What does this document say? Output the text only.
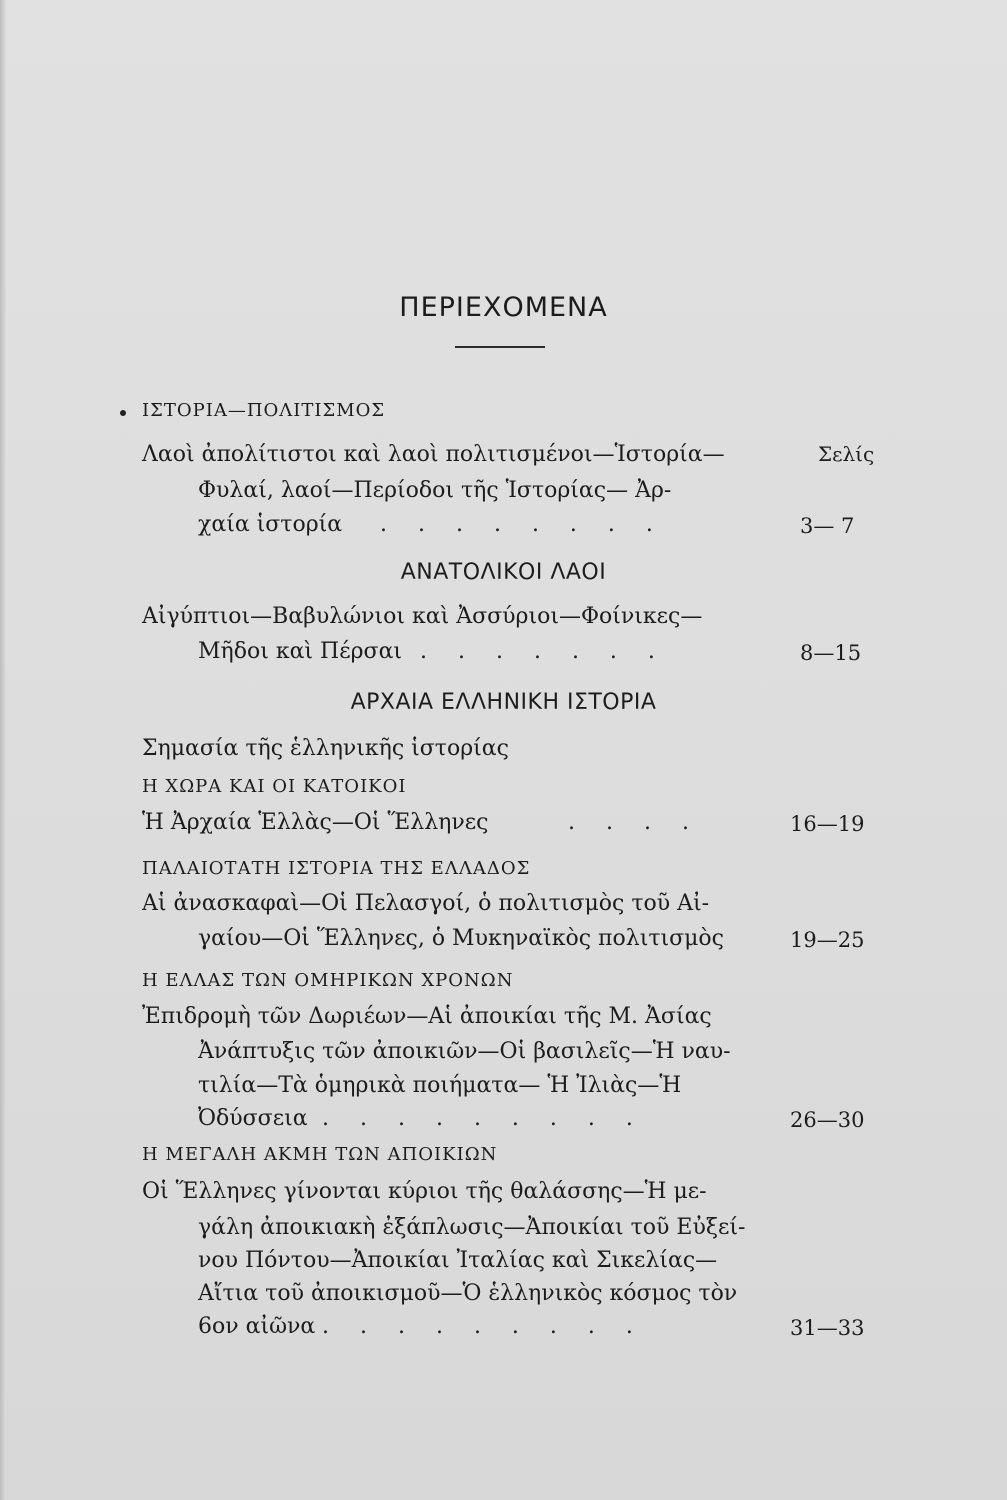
ΠΕΡΙΕΧΟΜΕΝΑ
ΙΣΤΟΡΙΑ—ΠΟΛΙΤΙΣΜΟΣ
Λαοὶ ἀπολίτιστοι καὶ λαοὶ πολιτισμένοι—Ἱστορία—	Σελίς
Φυλαί, λαοί—Περίοδοι τῆς Ἱστορίας— Ἀρ-
χαία ἱστορία . . . . . . . .	3— 7
ΑΝΑΤΟΛΙΚΟΙ ΛΑΟΙ
Αἰγύπτιοι—Βαβυλώνιοι καὶ Ἀσσύριοι—Φοίνικες—
Μῆδοι καὶ Πέρσαι . . . . . . .	8—15
ΑΡΧΑΙΑ ΕΛΛΗΝΙΚΗ ΙΣΤΟΡΙΑ
Σημασία τῆς ἑλληνικῆς ἱστορίας
Η ΧΩΡΑ ΚΑΙ ΟΙ ΚΑΤΟΙΚΟΙ
Ἡ Ἀρχαία Ἑλλὰς—Οἱ Ἕλληνες	. . . .	16—19
ΠΑΛΑΙΟΤΑΤΗ ΙΣΤΟΡΙΑ ΤΗΣ ΕΛΛΑΔΟΣ
Αἱ ἀνασκαφαὶ—Οἱ Πελασγοί, ὁ πολιτισμὸς τοῦ Αἰ-
γαίου—Οἱ Ἕλληνες, ὁ Μυκηναϊκὸς πολιτισμὸς	19—25
Η ΕΛΛΑΣ ΤΩΝ ΟΜΗΡΙΚΩΝ ΧΡΟΝΩΝ
Ἐπιδρομὴ τῶν Δωριέων—Αἱ ἀποικίαι τῆς Μ. Ἀσίας
Ἀνάπτυξις τῶν ἀποικιῶν—Οἱ βασιλεῖς—Ἡ ναυ-
τιλία—Τὰ ὁμηρικὰ ποιήματα— Ἡ Ἰλιὰς—Ἡ
Ὀδύσσεια . . . . . . . . .	26—30
Η ΜΕΓΑΛΗ ΑΚΜΗ ΤΩΝ ΑΠΟΙΚΙΩΝ
Οἱ Ἕλληνες γίνονται κύριοι τῆς θαλάσσης—Ἡ με-
γάλη ἀποικιακὴ ἐξάπλωσις—Ἀποικίαι τοῦ Εὐξεί-
νου Πόντου—Ἀποικίαι Ἰταλίας καὶ Σικελίας—
Αἴτια τοῦ ἀποικισμοῦ—Ὁ ἑλληνικὸς κόσμος τὸν
6ον αἰῶνα . . . . . . . . .	31—33
